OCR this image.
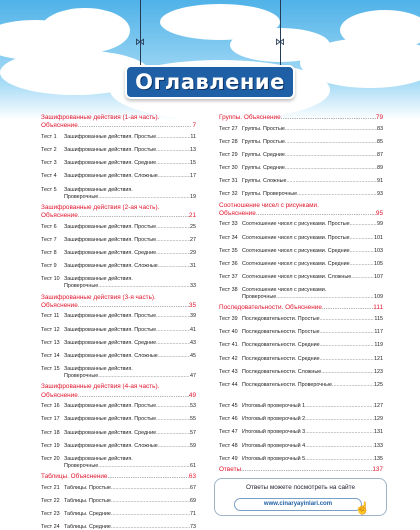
⋈	⋈
Оглавление
Зашифрованные действия (1-ая часть).
Объяснение .....	7
Тест 1	Зашифрованные действия. Простые .....	11
Тест 2	Зашифрованные действия. Простые .....	13
Тест 3	Зашифрованные действия. Средние .....	15
Тест 4	Зашифрованные действия. Сложные .....	17
Тест 5	Зашифрованные действия.
Проверочные .....	19
Зашифрованные действия (2-ая часть).
Объяснение .....	21
Тест 6	Зашифрованные действия. Простые .....	25
Тест 7	Зашифрованные действия. Простые .....	27
Тест 8	Зашифрованные действия. Средние .....	29
Тест 9	Зашифрованные действия. Сложные .....	31
Тест 10 Зашифрованные действия.
Проверочные .....	33
Зашифрованные действия (3-я часть).
Объяснение .....	35
Тест 11 Зашифрованные действия. Простые .....	39
Тест 12 Зашифрованные действия. Простые .....	41
Тест 13 Зашифрованные действия. Средние .....	43
Тест 14 Зашифрованные действия. Сложные .....	45
Тест 15 Зашифрованные действия.
Проверочные .....	47
Зашифрованные действия (4-ая часть).
Объяснение .....	49
Тест 16 Зашифрованные действия. Простые .....	53
Тест 17 Зашифрованные действия. Простые .....	55
Тест 18 Зашифрованные действия. Средние .....	57
Тест 19 Зашифрованные действия. Сложные .....	59
Тест 20 Зашифрованные действия.
Проверочные .....	61
Таблицы. Объяснение .....	63
Тест 21 Таблицы. Простые .....	67
Тест 22 Таблицы. Простые .....	69
Тест 23 Таблицы. Средние .....	71
Тест 24 Таблицы. Средние .....	73
Группы. Объяснение .....	79
Тест 27 Группы. Простые .....	83
Тест 28 Группы. Простые .....	85
Тест 29 Группы. Средние .....	87
Тест 30 Группы. Средние .....	89
Тест 31 Группы. Сложные .....	91
Тест 32 Группы. Проверочные .....	93
Соотношение чисел с рисунками.
Объяснение .....	95
Тест 33 Соотношение чисел с рисунками. Простые .....	99
Тест 34 Соотношение чисел с рисунками. Простые .....	101
Тест 35 Соотношение чисел с рисунками. Средние .....	103
Тест 36 Соотношение чисел с рисунками. Средние .....	105
Тест 37 Соотношение чисел с рисунками. Сложные .....	107
Тест 38 Соотношение чисел с рисунками.
Проверочные .....	109
Последовательности. Объяснение .....	111
Тест 39 Последовательности. Простые .....	115
Тест 40 Последовательности. Простые .....	117
Тест 41 Последовательности. Средние .....	119
Тест 42 Последовательности. Средние .....	121
Тест 43 Последовательности. Сложные .....	123
Тест 44 Последовательности. Проверочные .....	125
Тест 45 Итоговый проверочный 1 .....	127
Тест 46 Итоговый проверочный 2 .....	129
Тест 47 Итоговый проверочный 3 .....	131
Тест 48 Итоговый проверочный 4 .....	133
Тест 49 Итоговый проверочный 5 .....	135
Ответы .....	137
Ответы можете посмотреть на сайте
www.cinaryayinlari.com	☝
